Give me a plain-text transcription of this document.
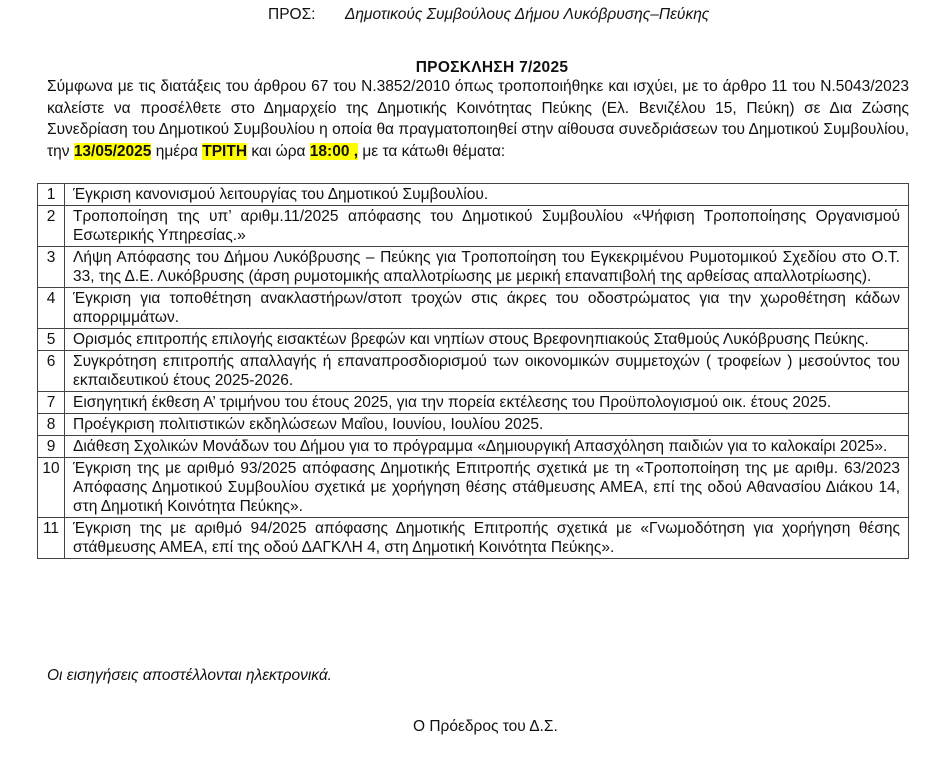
ΠΡΟΣ: Δημοτικούς Συμβούλους Δήμου Λυκόβρυσης–Πεύκης
ΠΡΟΣΚΛΗΣΗ 7/2025
Σύμφωνα με τις διατάξεις του άρθρου 67 του Ν.3852/2010 όπως τροποποιήθηκε και ισχύει, με το άρθρο 11 του Ν.5043/2023 καλείστε να προσέλθετε στο Δημαρχείο της Δημοτικής Κοινότητας Πεύκης (Ελ. Βενιζέλου 15, Πεύκη) σε Δια Ζώσης Συνεδρίαση του Δημοτικού Συμβουλίου η οποία θα πραγματοποιηθεί στην αίθουσα συνεδριάσεων του Δημοτικού Συμβουλίου, την 13/05/2025 ημέρα ΤΡΙΤΗ και ώρα 18:00 , με τα κάτωθι θέματα:
1	Έγκριση κανονισμού λειτουργίας του Δημοτικού Συμβουλίου.
2	Τροποποίηση της υπ’ αριθμ.11/2025 απόφασης του Δημοτικού Συμβουλίου «Ψήφιση Τροποποίησης Οργανισμού Εσωτερικής Υπηρεσίας.»
3	Λήψη Απόφασης του Δήμου Λυκόβρυσης – Πεύκης για Τροποποίηση του Εγκεκριμένου Ρυμοτομικού Σχεδίου στο Ο.Τ. 33, της Δ.Ε. Λυκόβρυσης (άρση ρυμοτομικής απαλλοτρίωσης με μερική επαναπιβολή της αρθείσας απαλλοτρίωσης).
4	Έγκριση για τοποθέτηση ανακλαστήρων/στοπ τροχών στις άκρες του οδοστρώματος για την χωροθέτηση κάδων απορριμμάτων.
5	Ορισμός επιτροπής επιλογής εισακτέων βρεφών και νηπίων στους Βρεφονηπιακούς Σταθμούς Λυκόβρυσης Πεύκης.
6	Συγκρότηση επιτροπής απαλλαγής ή επαναπροσδιορισμού των οικονομικών συμμετοχών ( τροφείων ) μεσούντος του εκπαιδευτικού έτους 2025-2026.
7	Εισηγητική έκθεση Α’ τριμήνου του έτους 2025, για την πορεία εκτέλεσης του Προϋπολογισμού οικ. έτους 2025.
8	Προέγκριση πολιτιστικών εκδηλώσεων Μαΐου, Ιουνίου, Ιουλίου 2025.
9	Διάθεση Σχολικών Μονάδων του Δήμου για το πρόγραμμα «Δημιουργική Απασχόληση παιδιών για το καλοκαίρι 2025».
10	Έγκριση της με αριθμό 93/2025 απόφασης Δημοτικής Επιτροπής σχετικά με τη «Τροποποίηση της με αριθμ. 63/2023 Απόφασης Δημοτικού Συμβουλίου σχετικά με χορήγηση θέσης στάθμευσης ΑΜΕΑ, επί της οδού Αθανασίου Διάκου 14, στη Δημοτική Κοινότητα Πεύκης».
11	Έγκριση της με αριθμό 94/2025 απόφασης Δημοτικής Επιτροπής σχετικά με «Γνωμοδότηση για χορήγηση θέσης στάθμευσης ΑΜΕΑ, επί της οδού ΔΑΓΚΛΗ 4, στη Δημοτική Κοινότητα Πεύκης».
Οι εισηγήσεις αποστέλλονται ηλεκτρονικά.
Ο Πρόεδρος του Δ.Σ.
